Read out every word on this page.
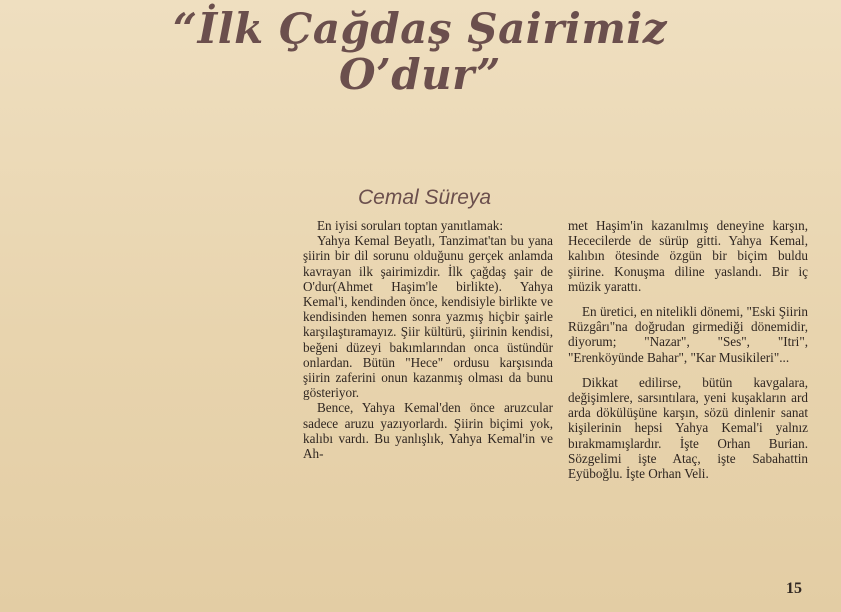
“İlk Çağdaş Şairimiz
O’dur”

Cemal Süreya

En iyisi soruları toptan yanıtlamak:

Yahya Kemal Beyatlı, Tanzimat'tan bu yana şiirin bir dil sorunu olduğunu gerçek anlamda kavrayan ilk şairimizdir. İlk çağdaş şair de O'dur(Ahmet Haşim'le birlikte). Yahya Kemal'i, kendinden önce, kendisiyle birlikte ve kendisinden hemen sonra yazmış hiçbir şairle karşılaştıramayız. Şiir kültürü, şiirinin kendisi, beğeni düzeyi bakımlarından onca üstündür onlardan. Bütün "Hece" ordusu karşısında şiirin zaferini onun kazanmış olması da bunu gösteriyor.

Bence, Yahya Kemal'den önce aruzcular sadece aruzu yazıyorlardı. Şiirin biçimi yok, kalıbı vardı. Bu yanlışlık, Yahya Kemal'in ve Ah-

met Haşim'in kazanılmış deneyine karşın, Hececilerde de sürüp gitti. Yahya Kemal, kalıbın ötesinde özgün bir biçim buldu şiirine. Konuşma diline yaslandı. Bir iç müzik yarattı.

En üretici, en nitelikli dönemi, "Eski Şiirin Rüzgârı"na doğrudan girmediği dönemidir, diyorum; "Nazar", "Ses", "Itri", "Erenköyünde Bahar", "Kar Musikileri"...

Dikkat edilirse, bütün kavgalara, değişimlere, sarsıntılara, yeni kuşakların ard arda dökülüşüne karşın, sözü dinlenir sanat kişilerinin hepsi Yahya Kemal'i yalnız bırakmamışlardır. İşte Orhan Burian. Sözgelimi işte Ataç, işte Sabahattin Eyüboğlu. İşte Orhan Veli.

15
